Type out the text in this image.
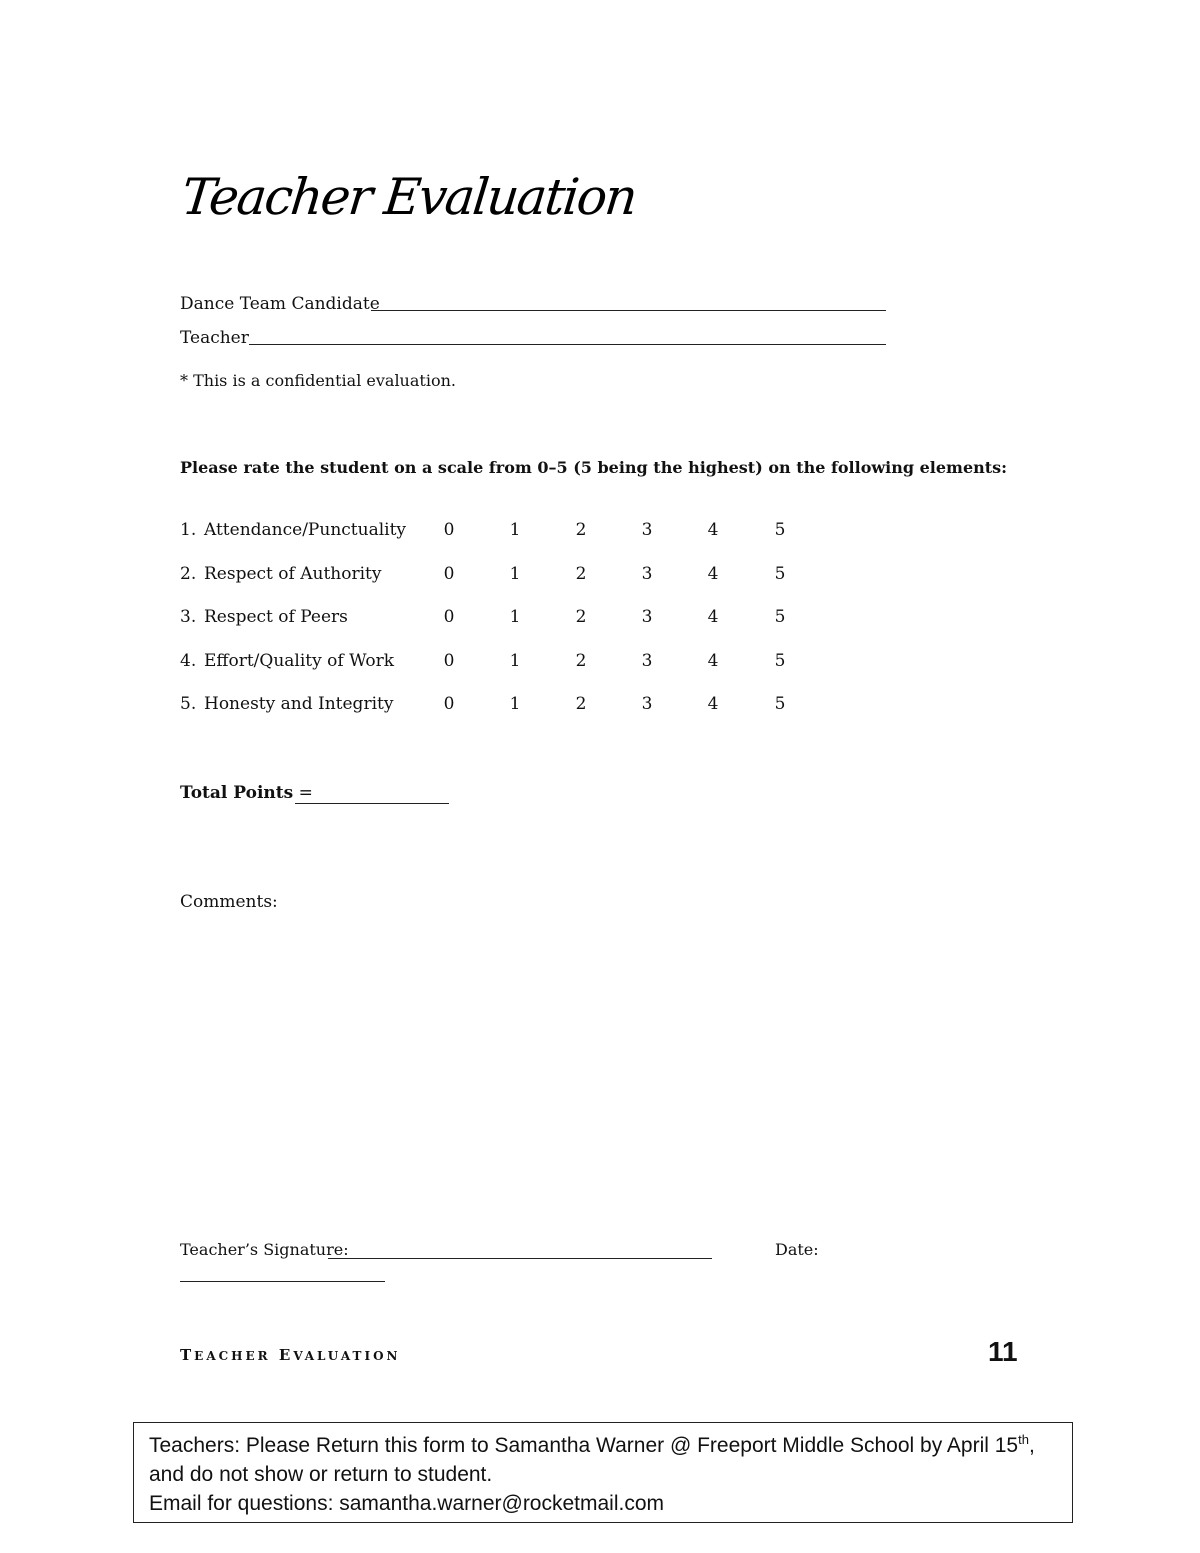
Teacher Evaluation
Dance Team Candidate
Teacher
* This is a confidential evaluation.
Please rate the student on a scale from 0–5 (5 being the highest) on the following elements:
1. Attendance/Punctuality 0	1	2	3	4	5
2. Respect of Authority	0	1	2	3	4	5
3. Respect of Peers	0	1	2	3	4	5
4. Effort/Quality of Work	0	1	2	3	4	5
5. Honesty and Integrity	0	1	2	3	4	5
Total Points =
Comments:
Teacher’s Signature:	Date:
TEACHER EVALUATION	11
Teachers: Please Return this form to Samantha Warner @ Freeport Middle School by April 15th,
and do not show or return to student.
Email for questions: samantha.warner@rocketmail.com
